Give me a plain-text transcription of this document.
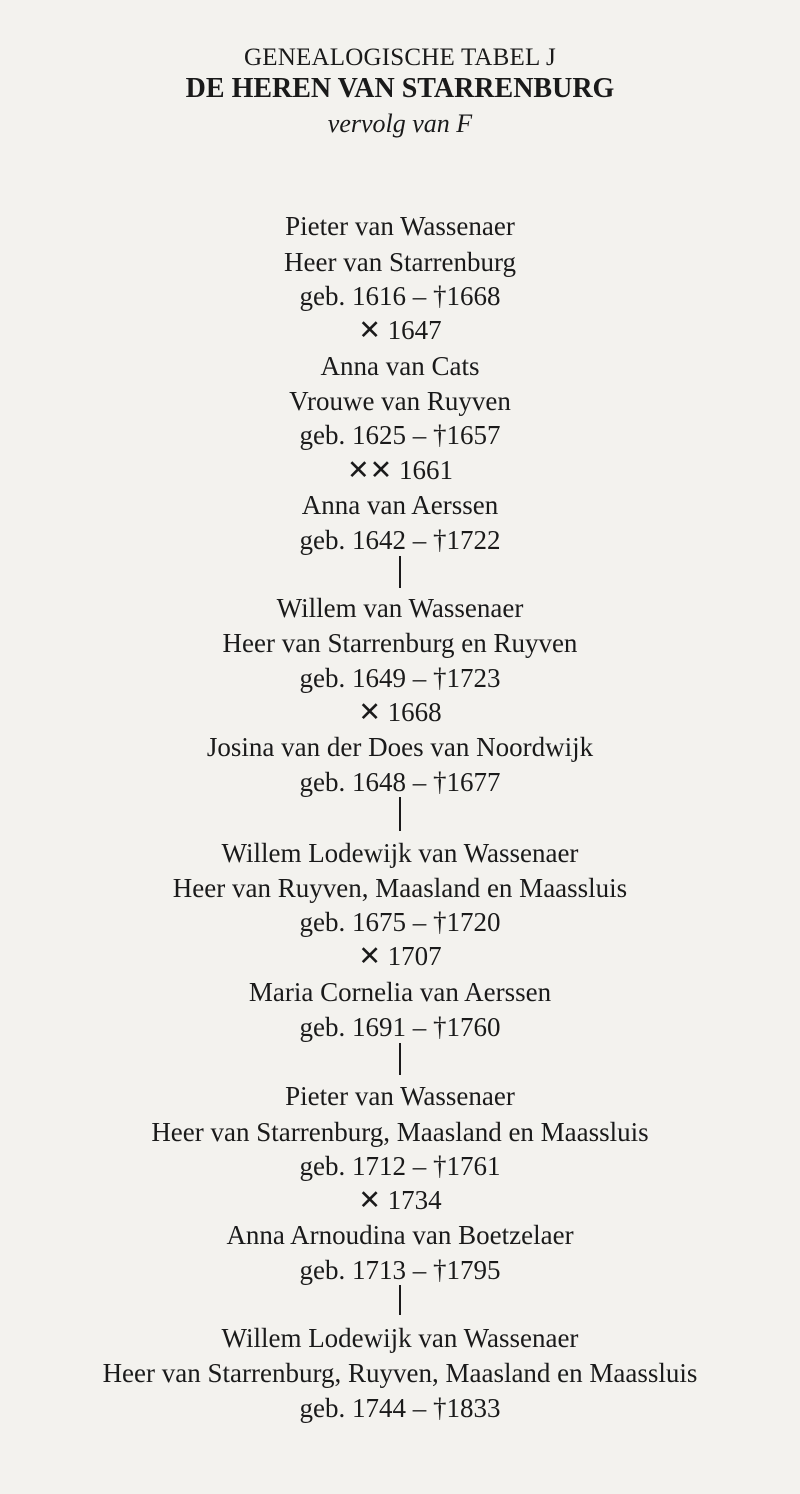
GENEALOGISCHE TABEL J
DE HEREN VAN STARRENBURG
vervolg van F
Pieter van Wassenaer
Heer van Starrenburg
geb. 1616 – †1668
✕ 1647
Anna van Cats
Vrouwe van Ruyven
geb. 1625 – †1657
✕✕ 1661
Anna van Aerssen
geb. 1642 – †1722
Willem van Wassenaer
Heer van Starrenburg en Ruyven
geb. 1649 – †1723
✕ 1668
Josina van der Does van Noordwijk
geb. 1648 – †1677
Willem Lodewijk van Wassenaer
Heer van Ruyven, Maasland en Maassluis
geb. 1675 – †1720
✕ 1707
Maria Cornelia van Aerssen
geb. 1691 – †1760
Pieter van Wassenaer
Heer van Starrenburg, Maasland en Maassluis
geb. 1712 – †1761
✕ 1734
Anna Arnoudina van Boetzelaer
geb. 1713 – †1795
Willem Lodewijk van Wassenaer
Heer van Starrenburg, Ruyven, Maasland en Maassluis
geb. 1744 – †1833
